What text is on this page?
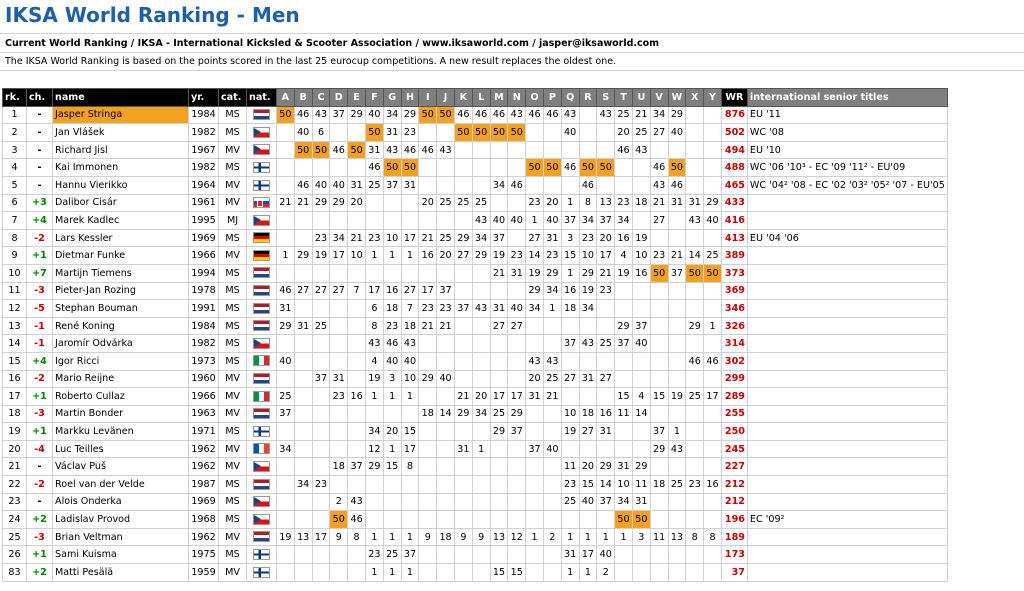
IKSA World Ranking - Men
Current World Ranking / IKSA - International Kicksled & Scooter Association / www.iksaworld.com / jasper@iksaworld.com
The IKSA World Ranking is based on the points scored in the last 25 eurocup competitions. A new result replaces the oldest one.
rk.	ch.	name	yr.	cat.	nat.	A	B	C	D	E	F	G	H	I	J	K	L	M	N	O	P	Q	R	S	T	U	V	W	X	Y	WR	international senior titles
1	-	Jasper Stringa	1984	MS		50	46	43	37	29	40	34	29	50	50	46	46	46	43	46	46	43		43	25	21	34	29			876	EU '11
2	-	Jan Vlášek	1982	MS			40	6			50	31	23			50	50	50	50			40			20	25	27	40			502	WC '08
3	-	Richard Jisl	1967	MV			50	50	46	50	31	43	46	46	43										46	43					494	EU '10
4	-	Kai Immonen	1982	MS							46	50	50							50	50	46	50	50			46	50			488	WC '06 '10³ - EC '09 '11² - EU'09
5	-	Hannu Vierikko	1964	MV			46	40	40	31	25	37	31					34	46				46				43	46			465	WC '04² '08 - EC '02 '03² '05² '07 - EU'05
6	+3	Dalibor Cisár	1961	MV		21	21	29	29	20				20	25	25	25			23	20	1	8	13	23	18	21	31	31	29	433	
7	+4	Marek Kadlec	1995	MJ													43	40	40	1	40	37	34	37	34		27		43	40	416	
8	-2	Lars Kessler	1969	MS				23	34	21	23	10	17	21	25	29	34	37		27	31	3	23	20	16	19					413	EU '04 '06
9	+1	Dietmar Funke	1966	MV		1	29	19	17	10	1	1	1	16	20	27	29	19	23	14	23	15	10	17	4	10	23	21	14	25	389	
10	+7	Martijn Tiemens	1994	MS														21	31	19	29	1	29	21	19	16	50	37	50	50	373	
11	-3	Pieter-Jan Rozing	1978	MS		46	27	27	27	7	17	16	27	17	37					29	34	16	19	23							369	
12	-5	Stephan Bouman	1991	MS		31					6	18	7	23	23	37	43	31	40	34	1	18	34								346	
13	-1	René Koning	1984	MS		29	31	25			8	23	18	21	21			27	27						29	37			29	1	326	
14	-1	Jaromír Odvárka	1982	MS							43	46	43									37	43	25	37	40					314	
15	+4	Igor Ricci	1973	MS		40					4	40	40							43	43								46	46	302	
16	-2	Mario Reijne	1960	MV				37	31		19	3	10	29	40					20	25	27	31	27							299	
17	+1	Roberto Cullaz	1966	MV		25			23	16	1	1	1			21	20	17	17	31	21				15	4	15	19	25	17	289	
18	-3	Martin Bonder	1963	MV		37								18	14	29	34	25	29			10	18	16	11	14					255	
19	+1	Markku Levänen	1971	MS							34	20	15					29	37			19	27	31			37	1			250	
20	-4	Luc Teilles	1962	MV		34					12	1	17			31	1			37	40						29	43			245	
21	-	Václav Puš	1962	MV					18	37	29	15	8									11	20	29	31	29					227	
22	-2	Roel van der Velde	1987	MS			34	23														23	15	14	10	11	18	25	23	16	212	
23	-	Alois Onderka	1969	MS					2	43												25	40	37	34	31					212	
24	+2	Ladislav Provod	1968	MS					50	46															50	50					196	EC '09²
25	-3	Brian Veltman	1962	MV		19	13	17	9	8	1	1	1	9	18	9	9	13	12	1	2	1	1	1	1	3	11	13	8	8	189	
26	+1	Sami Kuisma	1975	MS							23	25	37									31	17	40							173	
83	+2	Matti Pesälä	1959	MV							1	1	1					15	15			1	1	2							37	
